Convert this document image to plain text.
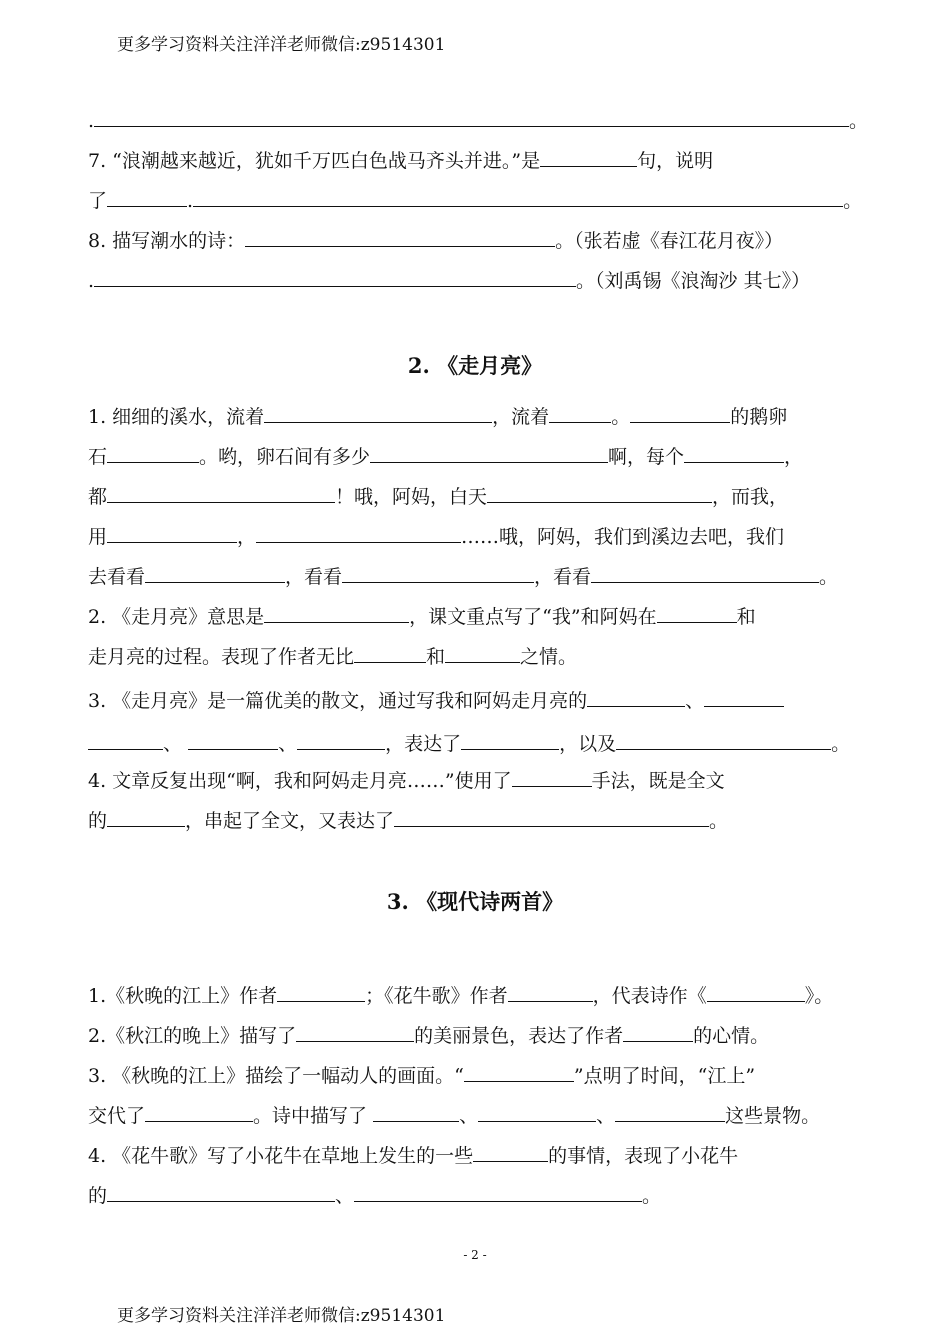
更多学习资料关注洋洋老师微信:z9514301
.	。
7. “浪潮越来越近，犹如千万匹白色战马齐头并进。”是	句，说明
了	.	。
8. 描写潮水的诗：	。（张若虚《春江花月夜》）
.	。（刘禹锡《浪淘沙 其七》）
2. 《走月亮》
1. 细细的溪水，流着	，流着	。	的鹅卵
石	。哟，卵石间有多少	啊，每个	，
都	！哦，阿妈，白天	，而我，
用	，	……哦，阿妈，我们到溪边去吧，我们
去看看	，看看	，看看	。
2. 《走月亮》意思是	，课文重点写了“我”和阿妈在	和
走月亮的过程。表现了作者无比	和	之情。
3. 《走月亮》是一篇优美的散文，通过写我和阿妈走月亮的	、
、	、	，表达了	，以及	。
4. 文章反复出现“啊，我和阿妈走月亮……”使用了	手法，既是全文
的	，串起了全文，又表达了	。
3. 《现代诗两首》
1.《秋晚的江上》作者	；《花牛歌》作者	，代表诗作《	》。
2.《秋江的晚上》描写了	的美丽景色，表达了作者	的心情。
3. 《秋晚的江上》描绘了一幅动人的画面。“	”点明了时间，“江上”
交代了	。诗中描写了	、	、	这些景物。
4. 《花牛歌》写了小花牛在草地上发生的一些	的事情，表现了小花牛
的	、	。
- 2 -
更多学习资料关注洋洋老师微信:z9514301
